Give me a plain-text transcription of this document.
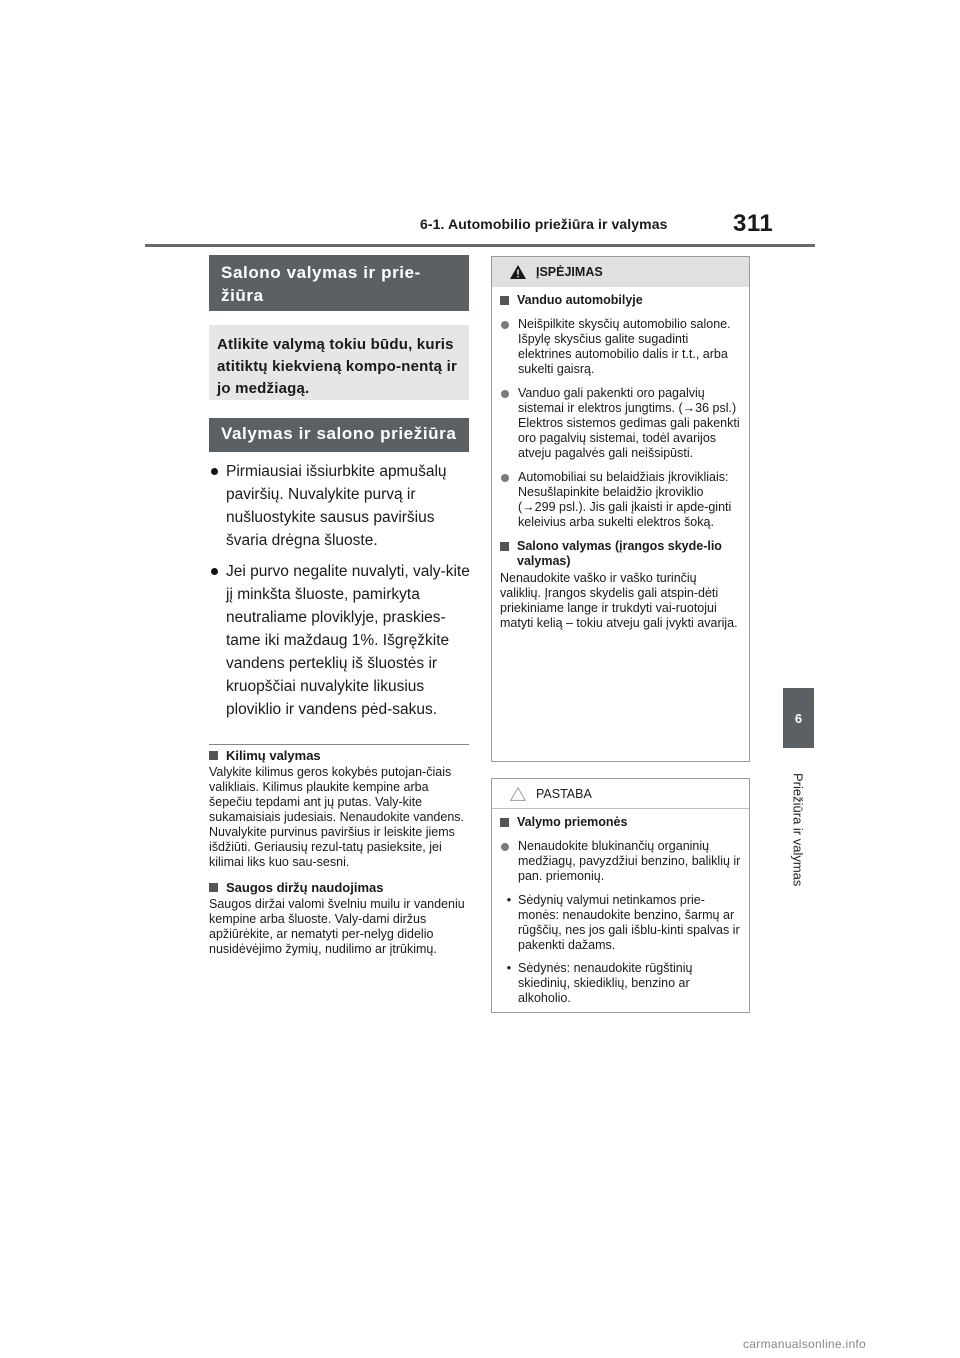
6-1. Automobilio priežiūra ir valymas	311
6
Priežiūra ir valymas
Salono valymas ir prie-žiūra
Atlikite valymą tokiu būdu, kuris atitiktų kiekvieną kompo-nentą ir jo medžiagą.
Valymas ir salono priežiūra
Pirmiausiai išsiurbkite apmušalų paviršių. Nuvalykite purvą ir nušluostykite sausus paviršius švaria drėgna šluoste.
Jei purvo negalite nuvalyti, valy-kite jį minkšta šluoste, pamirkyta neutraliame ploviklyje, praskies-tame iki maždaug 1%. Išgręžkite vandens perteklių iš šluostės ir kruopščiai nuvalykite likusius ploviklio ir vandens pėd-sakus.
Kilimų valymas
Valykite kilimus geros kokybės putojan-čiais valikliais. Kilimus plaukite kempine arba šepečiu tepdami ant jų putas. Valy-kite sukamaisiais judesiais. Nenaudokite vandens. Nuvalykite purvinus paviršius ir leiskite jiems išdžiūti. Geriausių rezul-tatų pasieksite, jei kilimai liks kuo sau-sesni.
Saugos diržų naudojimas
Saugos diržai valomi švelniu muilu ir vandeniu kempine arba šluoste. Valy-dami diržus apžiūrėkite, ar nematyti per-nelyg didelio nusidėvėjimo žymių, nudilimo ar įtrūkimų.
ĮSPĖJIMAS
Vanduo automobilyje
Neišpilkite skysčių automobilio salone. Išpylę skysčius galite sugadinti elektrines automobilio dalis ir t.t., arba sukelti gaisrą.
Vanduo gali pakenkti oro pagalvių sistemai ir elektros jungtims. (→36 psl.) Elektros sistemos gedimas gali pakenkti oro pagalvių sistemai, todėl avarijos atveju pagalvės gali neišsipūsti.
Automobiliai su belaidžiais įkrovikliais: Nesušlapinkite belaidžio įkroviklio (→299 psl.). Jis gali įkaisti ir apde-ginti keleivius arba sukelti elektros šoką.
Salono valymas (įrangos skyde-lio valymas)
Nenaudokite vaško ir vaško turinčių valiklių. Įrangos skydelis gali atspin-dėti priekiniame lange ir trukdyti vai-ruotojui matyti kelią – tokiu atveju gali įvykti avarija.
PASTABA
Valymo priemonės
Nenaudokite blukinančių organinių medžiagų, pavyzdžiui benzino, baliklių ir pan. priemonių.
• Sėdynių valymui netinkamos prie-monės: nenaudokite benzino, šarmų ar rūgščių, nes jos gali išblu-kinti spalvas ir pakenkti dažams.
• Sėdynės: nenaudokite rūgštinių skiedinių, skiediklių, benzino ar alkoholio.
carmanualsonline.info
